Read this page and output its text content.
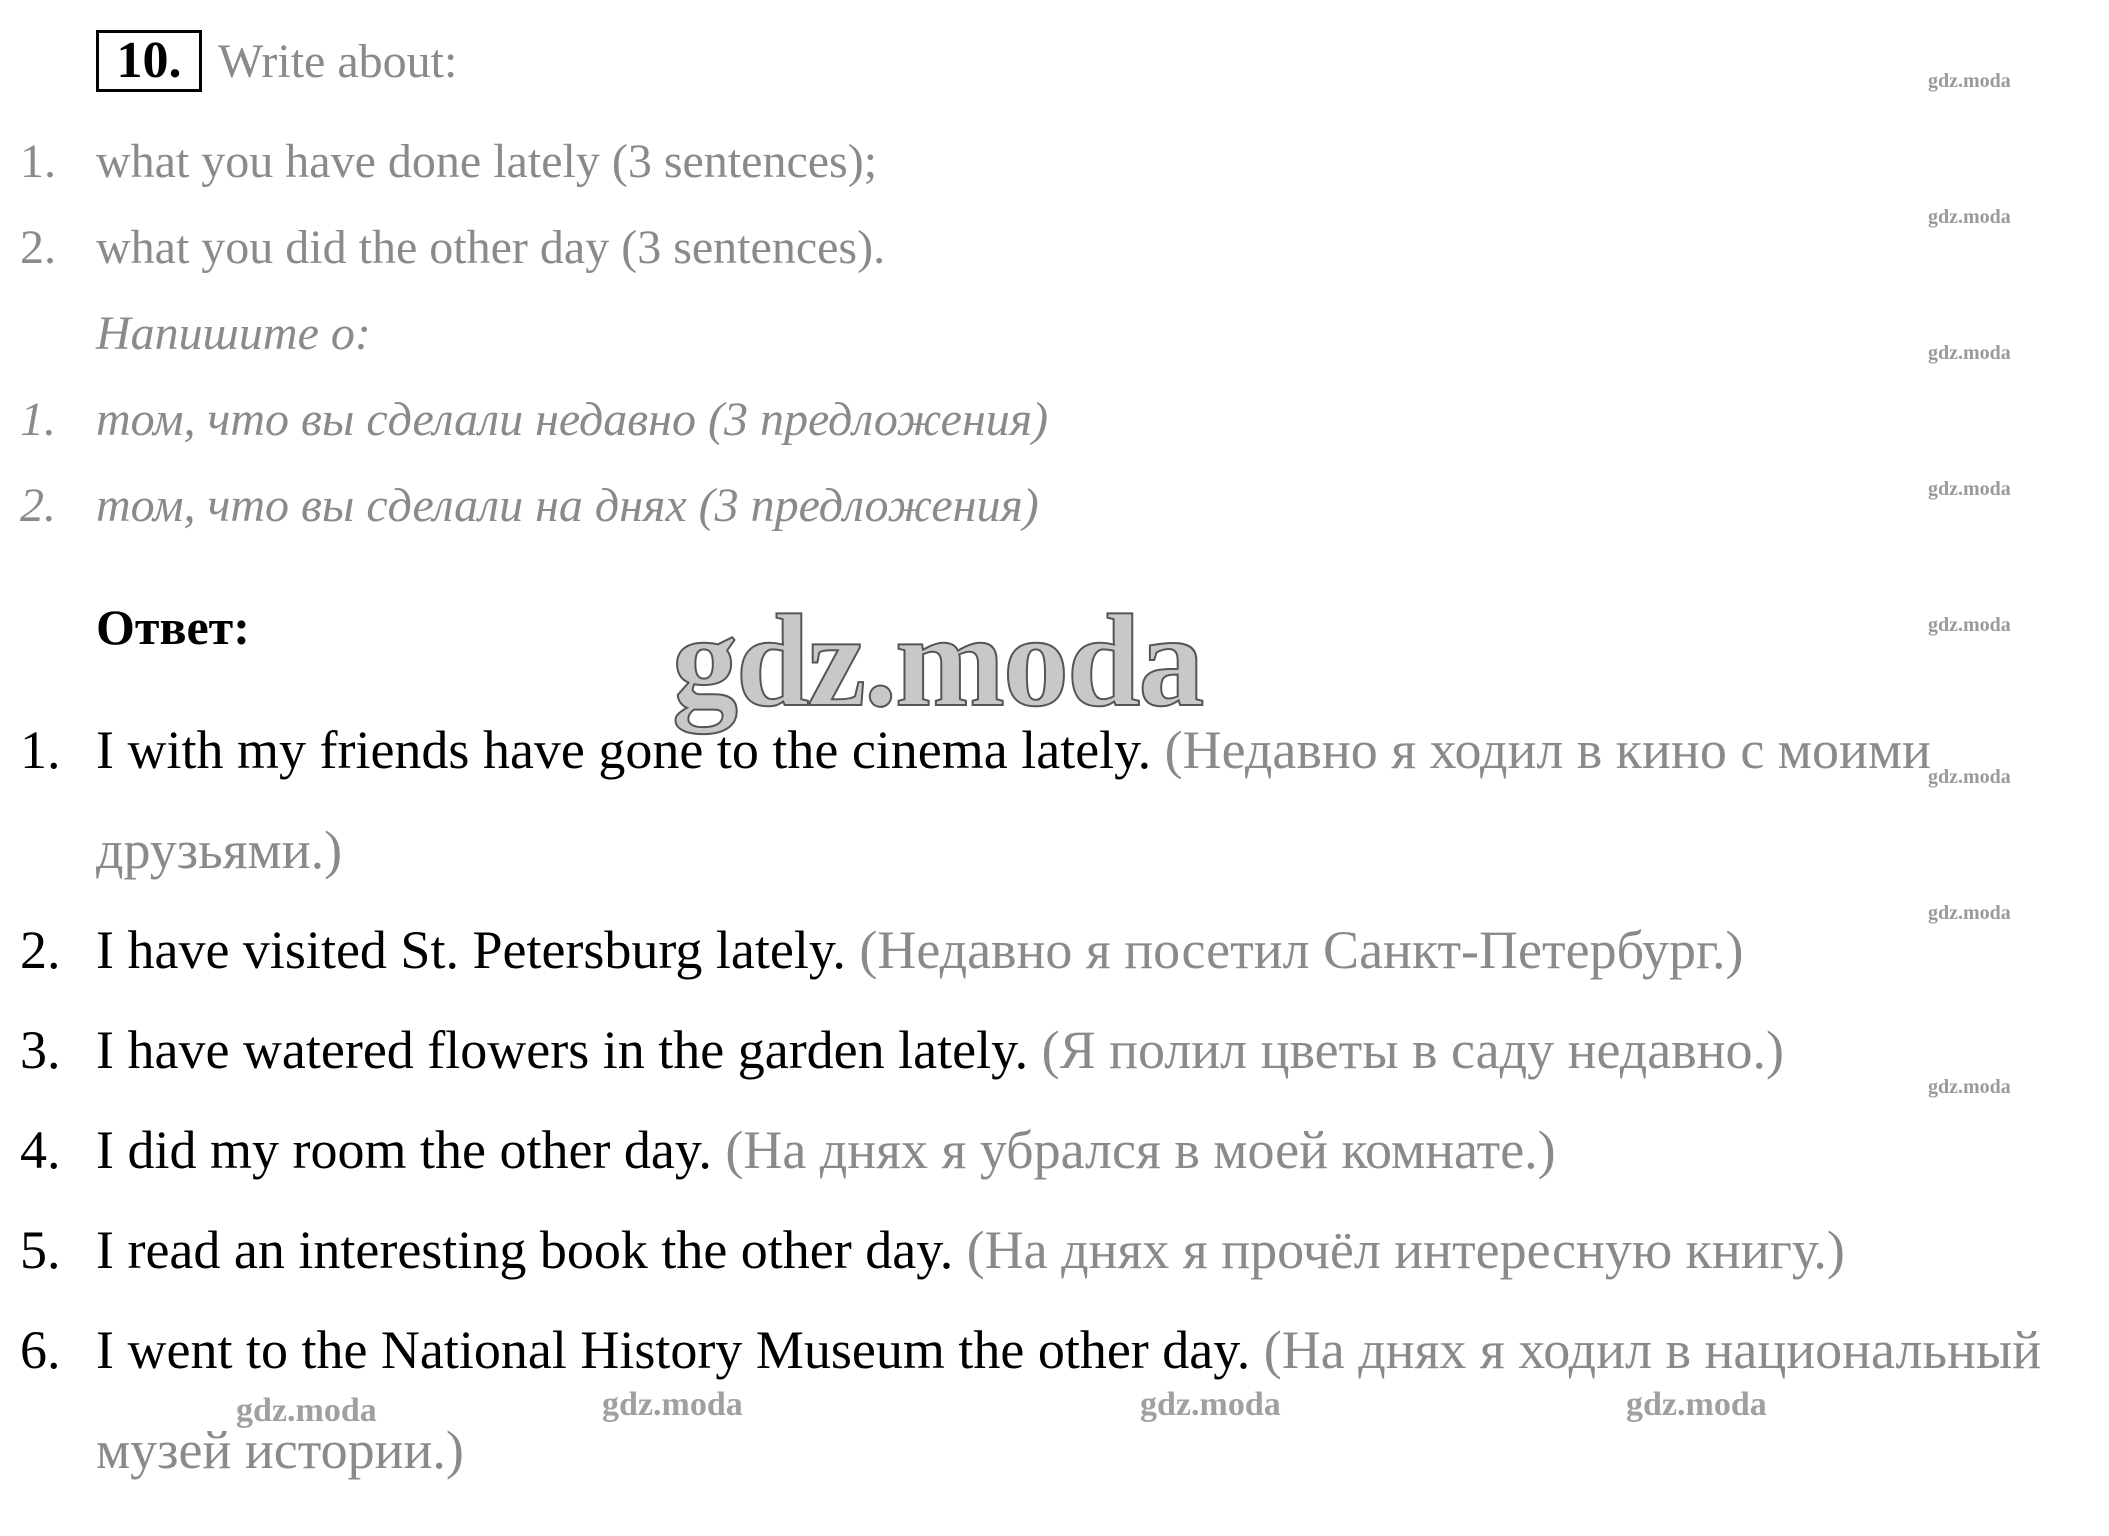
10. Write about:
1. what you have done lately (3 sentences);
2. what you did the other day (3 sentences).
Напишите о:
1. том, что вы сделали недавно (3 предложения)
2. том, что вы сделали на днях (3 предложения)
Ответ:	gdz.moda
1. I with my friends have gone to the cinema lately. (Недавно я ходил в кино с моими друзьями.)
2. I have visited St. Petersburg lately. (Недавно я посетил Санкт-Петербург.)
3. I have watered flowers in the garden lately. (Я полил цветы в саду недавно.)
4. I did my room the other day. (На днях я убрался в моей комнате.)
5. I read an interesting book the other day. (На днях я прочёл интересную книгу.)
6. I went to the National History Museum the other day. (На днях я ходил в национальный музей истории.)
gdz.moda
gdz.moda
gdz.moda
gdz.moda
gdz.moda
gdz.moda
gdz.moda
gdz.moda
gdz.moda	gdz.moda	gdz.moda	gdz.moda
